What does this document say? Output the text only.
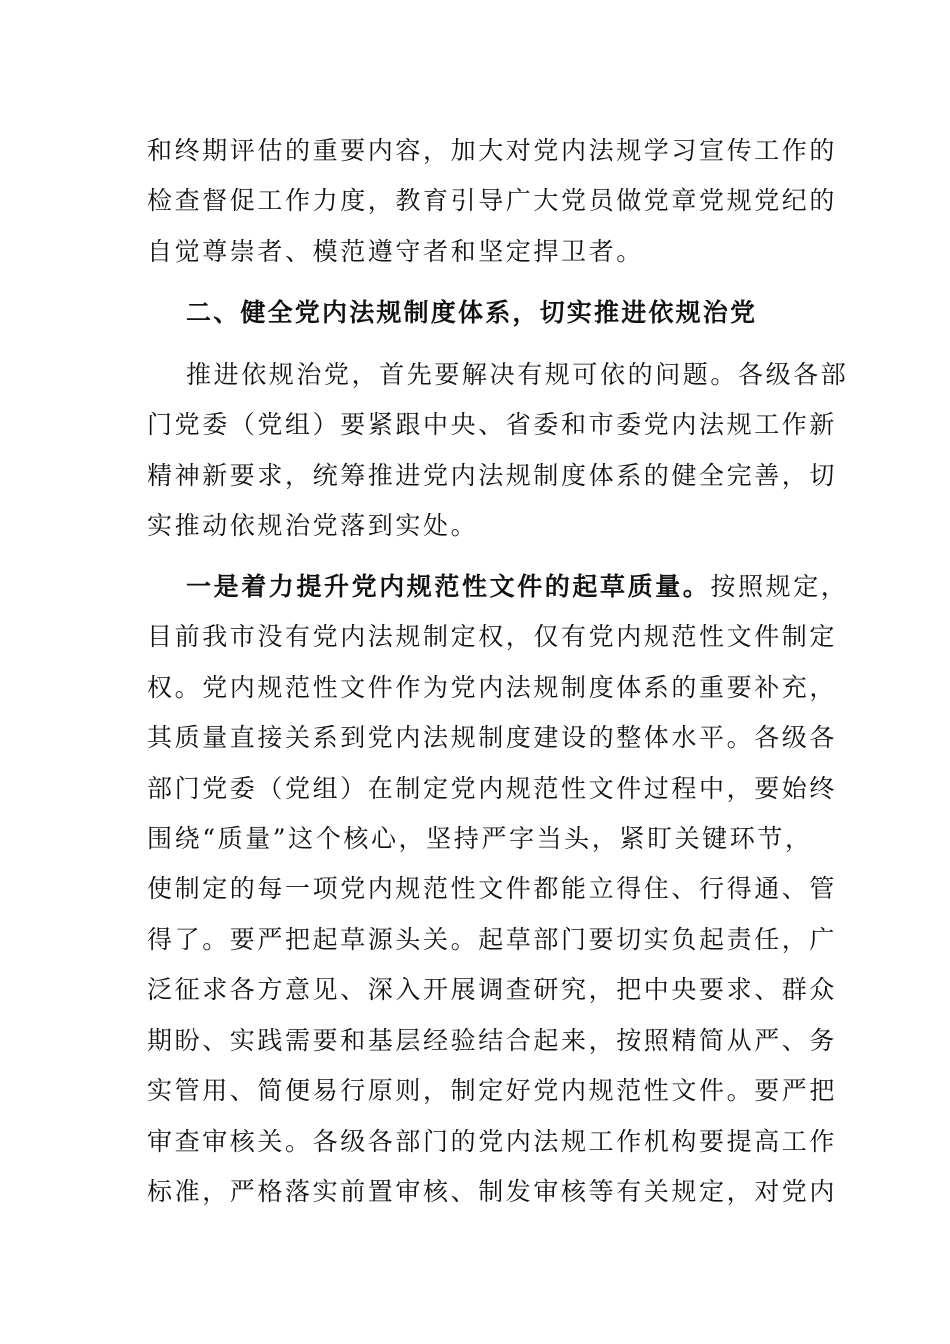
和终期评估的重要内容，加大对党内法规学习宣传工作的
检查督促工作力度，教育引导广大党员做党章党规党纪的
自觉尊崇者、模范遵守者和坚定捍卫者。
二、健全党内法规制度体系，切实推进依规治党
推进依规治党，首先要解决有规可依的问题。各级各部
门党委（党组）要紧跟中央、省委和市委党内法规工作新
精神新要求，统筹推进党内法规制度体系的健全完善，切
实推动依规治党落到实处。
一是着力提升党内规范性文件的起草质量。按照规定，
目前我市没有党内法规制定权，仅有党内规范性文件制定
权。党内规范性文件作为党内法规制度体系的重要补充，
其质量直接关系到党内法规制度建设的整体水平。各级各
部门党委（党组）在制定党内规范性文件过程中，要始终
围绕“质量”这个核心，坚持严字当头，紧盯关键环节，
使制定的每一项党内规范性文件都能立得住、行得通、管
得了。要严把起草源头关。起草部门要切实负起责任，广
泛征求各方意见、深入开展调查研究，把中央要求、群众
期盼、实践需要和基层经验结合起来，按照精简从严、务
实管用、简便易行原则，制定好党内规范性文件。要严把
审查审核关。各级各部门的党内法规工作机构要提高工作
标准，严格落实前置审核、制发审核等有关规定，对党内
